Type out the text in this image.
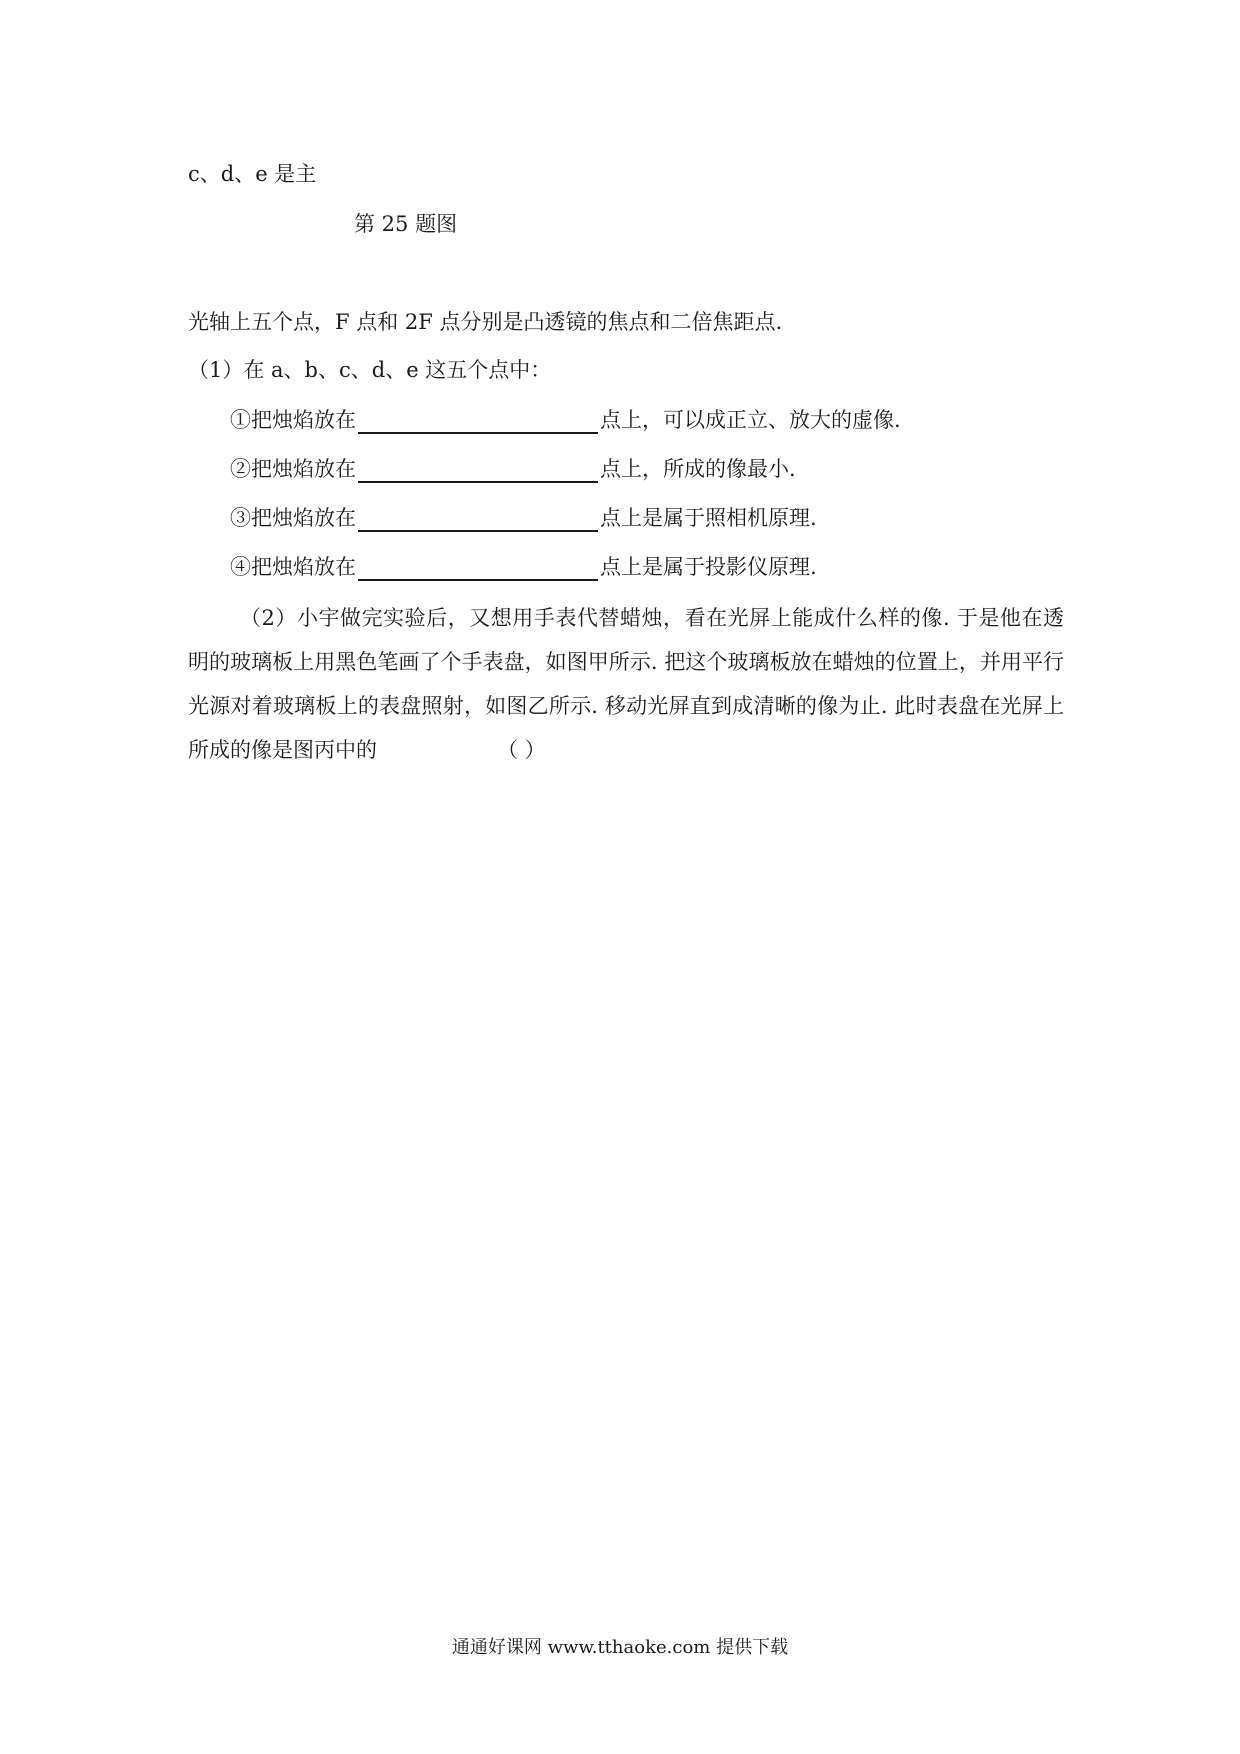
c、d、e 是主
第 25 题图
光轴上五个点，F 点和 2F 点分别是凸透镜的焦点和二倍焦距点.
（1）在 a、b、c、d、e 这五个点中：
①把烛焰放在	点上，可以成正立、放大的虚像.
②把烛焰放在	点上，所成的像最小.
③把烛焰放在	点上是属于照相机原理.
④把烛焰放在	点上是属于投影仪原理.
（2）小宇做完实验后，又想用手表代替蜡烛，看在光屏上能成什么样的像. 于是他在透明的玻璃板上用黑色笔画了个手表盘，如图甲所示. 把这个玻璃板放在蜡烛的位置上，并用平行光源对着玻璃板上的表盘照射，如图乙所示. 移动光屏直到成清晰的像为止. 此时表盘在光屏上所成的像是图丙中的	（ ）
通通好课网 www.tthaoke.com 提供下载
